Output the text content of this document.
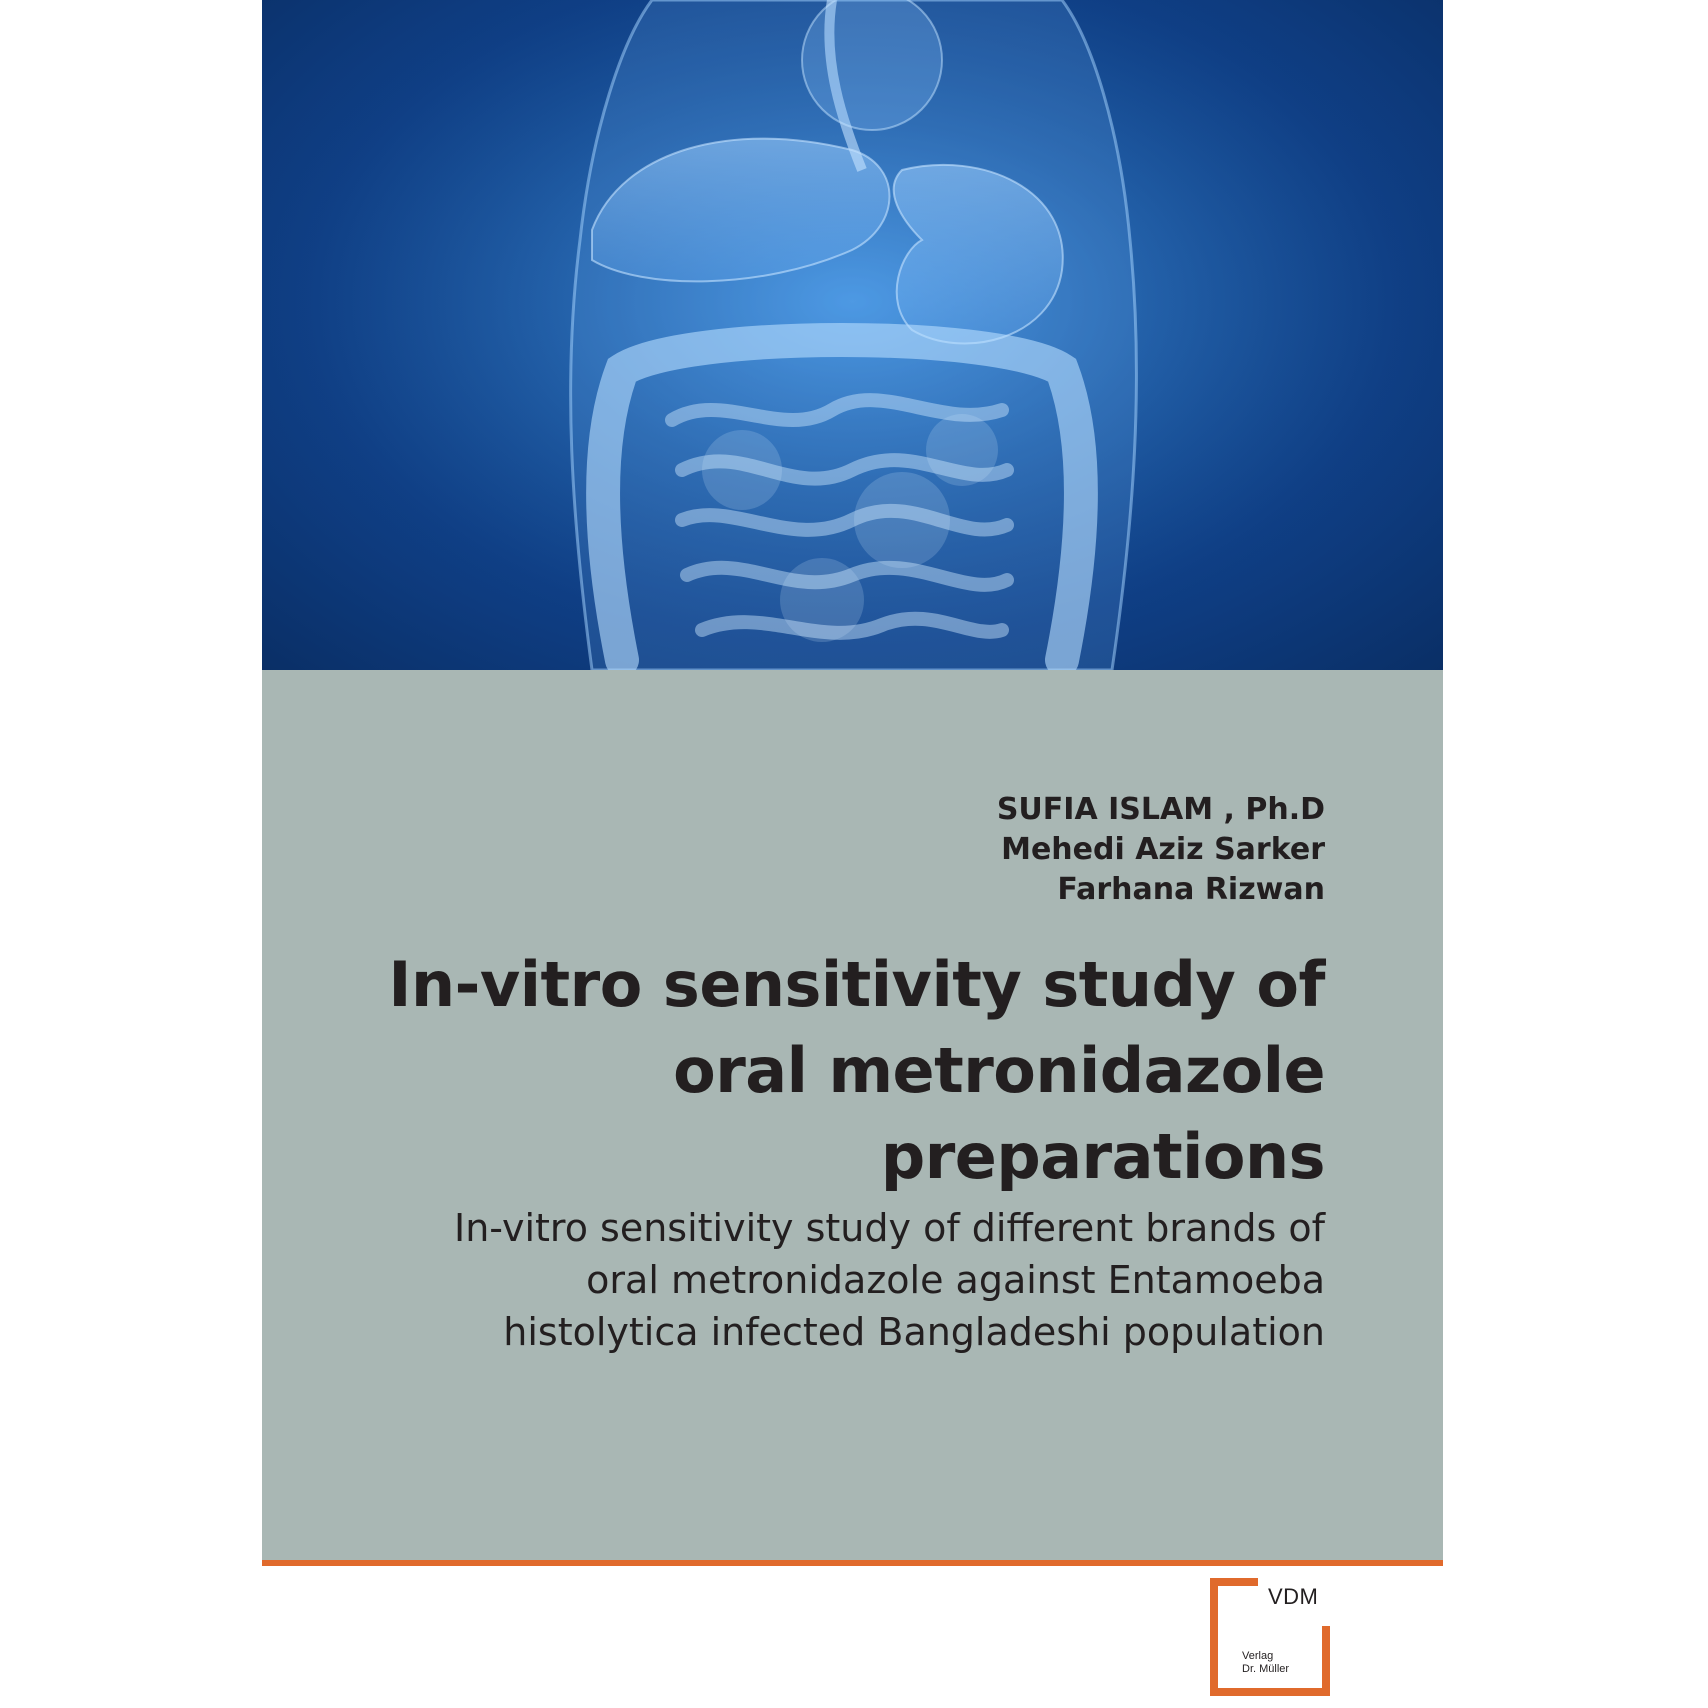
SUFIA ISLAM , Ph.D
Mehedi Aziz Sarker
Farhana Rizwan
In-vitro sensitivity study of
oral metronidazole
preparations
In-vitro sensitivity study of different brands of
oral metronidazole against Entamoeba
histolytica infected Bangladeshi population
VDM
Verlag
Dr. Müller
